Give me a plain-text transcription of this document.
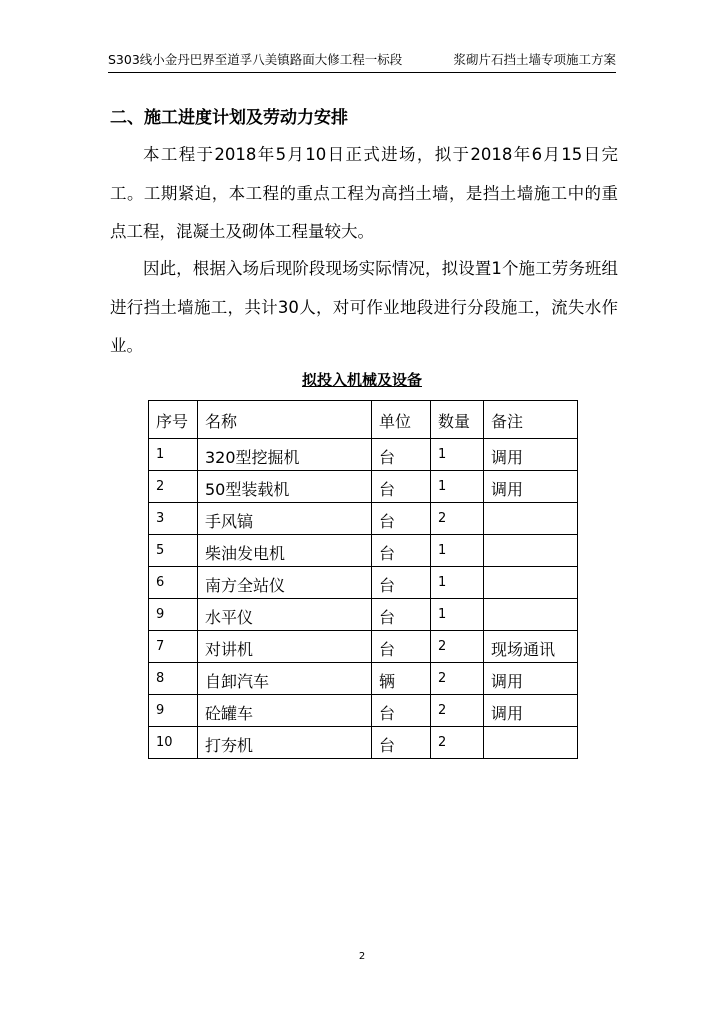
S303线小金丹巴界至道孚八美镇路面大修工程一标段	浆砌片石挡土墙专项施工方案
二、施工进度计划及劳动力安排

本工程于2018年5月10日正式进场，拟于2018年6月15日完工。工期紧迫，本工程的重点工程为高挡土墙，是挡土墙施工中的重点工程，混凝土及砌体工程量较大。

因此，根据入场后现阶段现场实际情况，拟设置1个施工劳务班组进行挡土墙施工，共计30人，对可作业地段进行分段施工，流失水作业。

拟投入机械及设备
序号	名称	单位	数量	备注
1	320型挖掘机	台	1	调用
2	50型装载机	台	1	调用
3	手风镐	台	2	
5	柴油发电机	台	1	
6	南方全站仪	台	1	
9	水平仪	台	1	
7	对讲机	台	2	现场通讯
8	自卸汽车	辆	2	调用
9	砼罐车	台	2	调用
10	打夯机	台	2	
2
